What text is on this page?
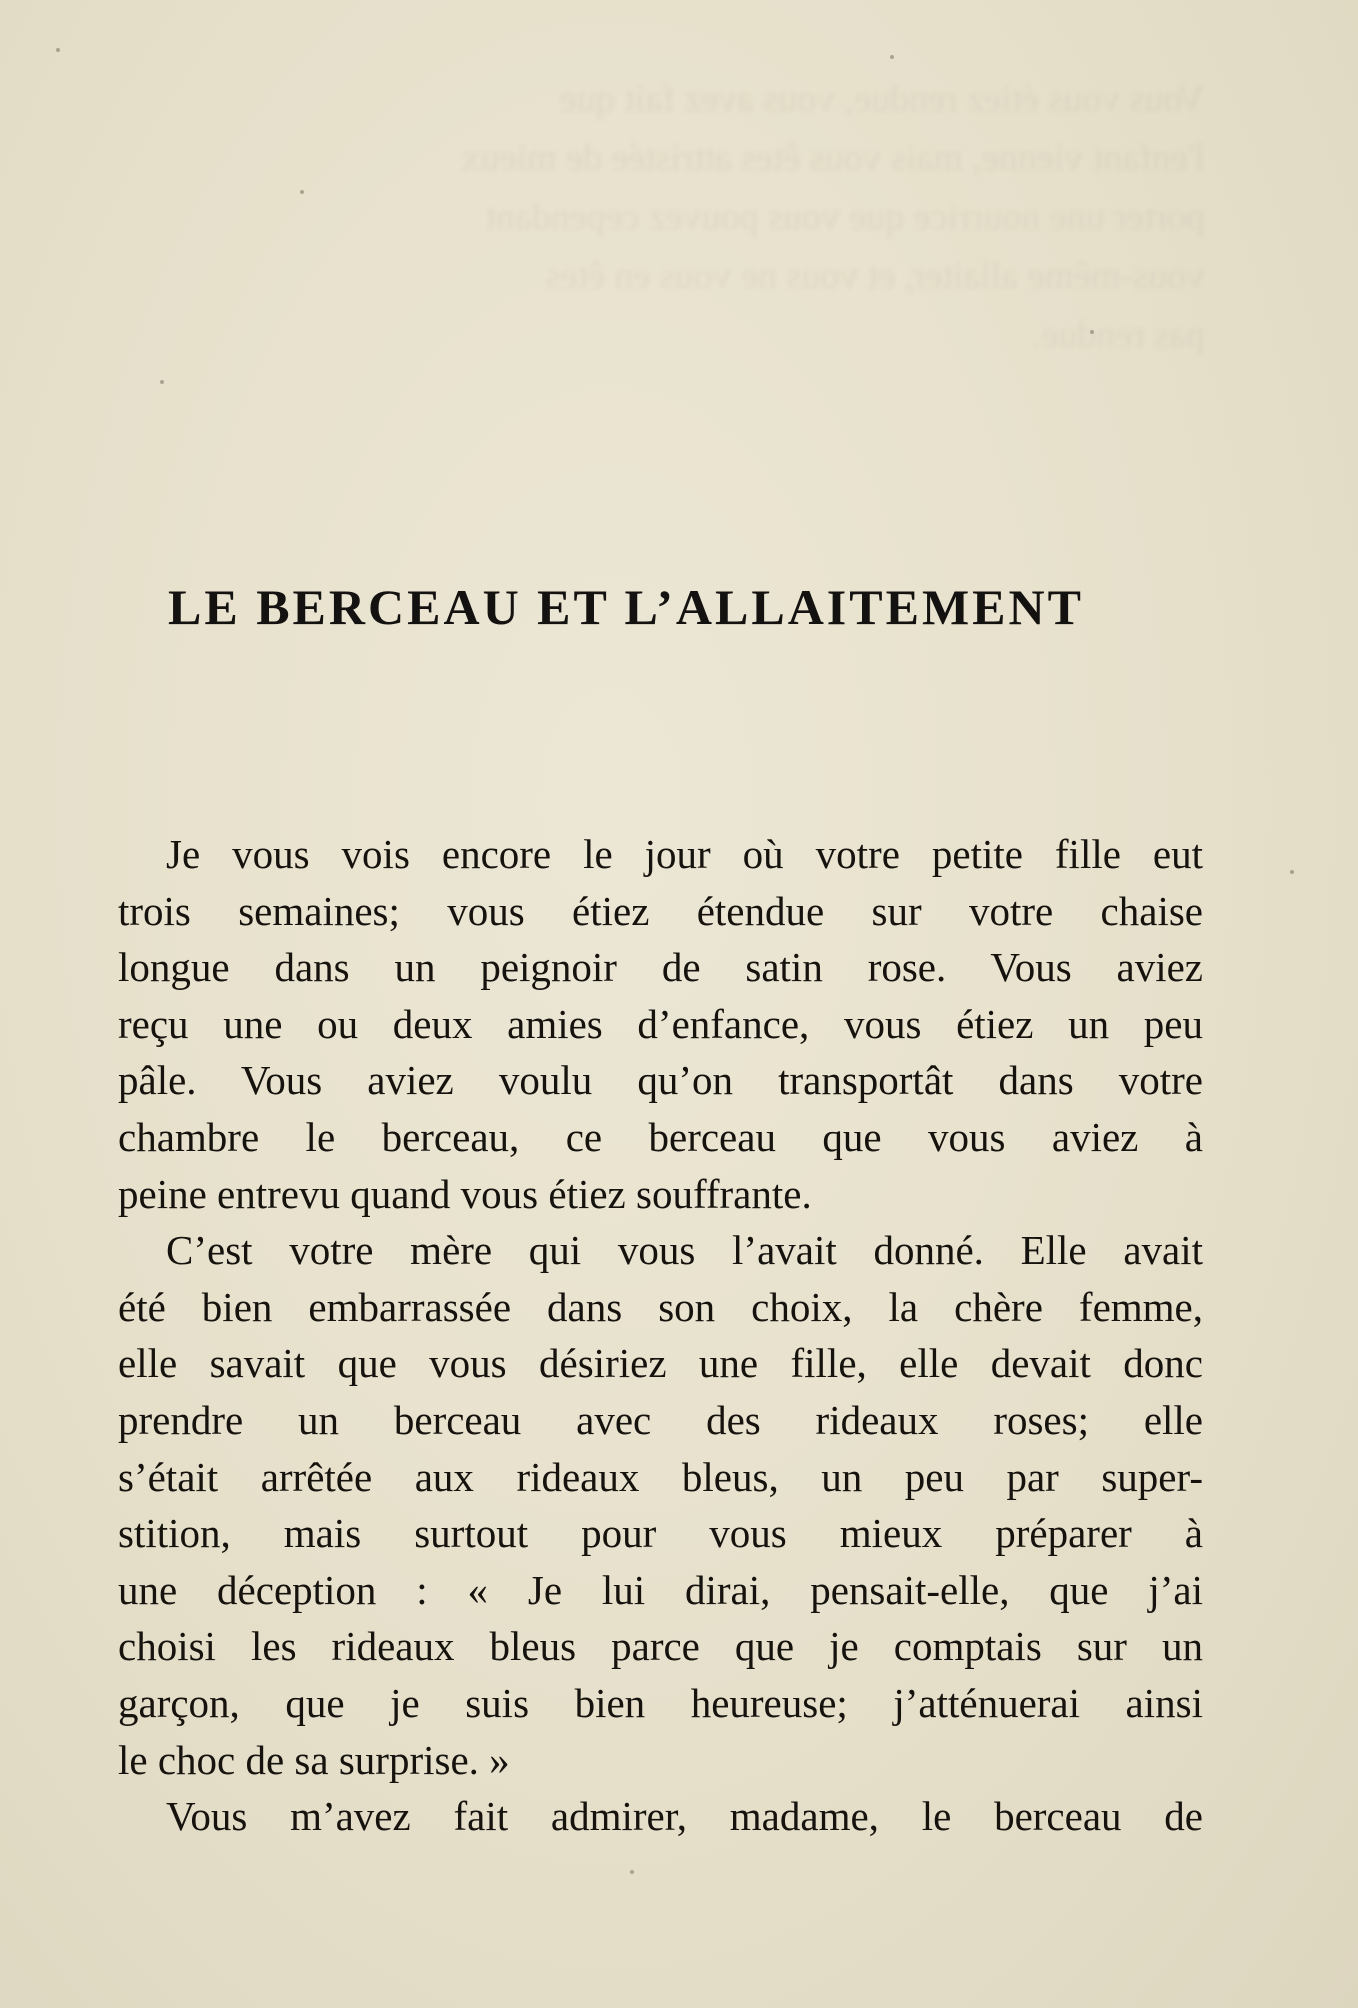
Vous vous étiez rendue, vous avez fait que
l'enfant vienne, mais vous êtes attristée de mieux
porter une nourrice que vous pouvez cependant
vous-même allaiter, et vous ne vous en êtes
pas rendue.
LE BERCEAU ET L’ALLAITEMENT

Je vous vois encore le jour où votre petite fille eut
trois semaines; vous étiez étendue sur votre chaise
longue dans un peignoir de satin rose. Vous aviez
reçu une ou deux amies d’enfance, vous étiez un peu
pâle. Vous aviez voulu qu’on transportât dans votre
chambre le berceau, ce berceau que vous aviez à
peine entrevu quand vous étiez souffrante.

C’est votre mère qui vous l’avait donné. Elle avait
été bien embarrassée dans son choix, la chère femme,
elle savait que vous désiriez une fille, elle devait donc
prendre un berceau avec des rideaux roses; elle
s’était arrêtée aux rideaux bleus, un peu par super-
stition, mais surtout pour vous mieux préparer à
une déception : « Je lui dirai, pensait-elle, que j’ai
choisi les rideaux bleus parce que je comptais sur un
garçon, que je suis bien heureuse; j’atténuerai ainsi
le choc de sa surprise. »

Vous m’avez fait admirer, madame, le berceau de
